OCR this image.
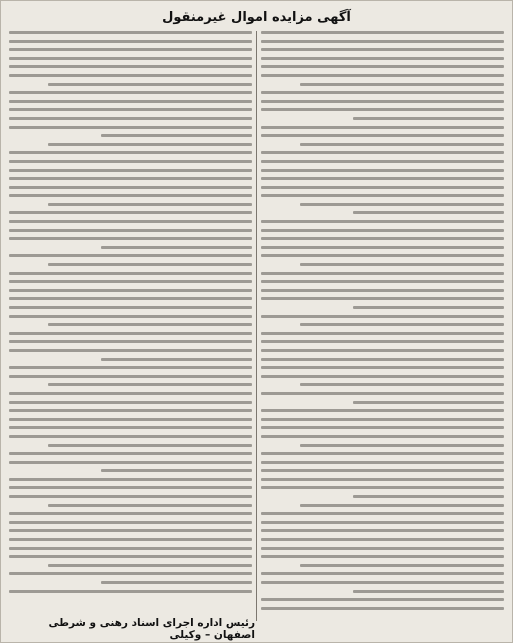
آگهی مزایده اموال غیرمنقول
رئیس اداره اجرای اسناد رهنی و شرطی اصفهان – وکیلی
